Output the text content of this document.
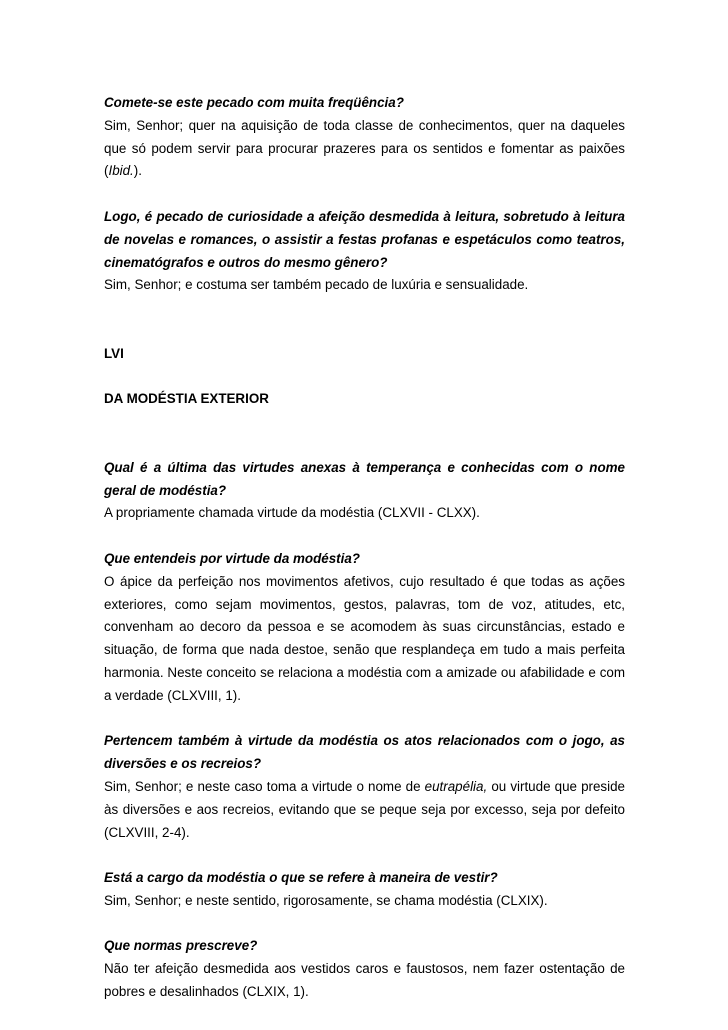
Comete-se este pecado com muita freqüência?

Sim, Senhor; quer na aquisição de toda classe de conhecimentos, quer na daqueles que só podem servir para procurar prazeres para os sentidos e fomentar as paixões (Ibid.).

Logo, é pecado de curiosidade a afeição desmedida à leitura, sobretudo à leitura de novelas e romances, o assistir a festas profanas e espetáculos como teatros, cinematógrafos e outros do mesmo gênero?

Sim, Senhor; e costuma ser também pecado de luxúria e sensualidade.

LVI

DA MODÉSTIA EXTERIOR

Qual é a última das virtudes anexas à temperança e conhecidas com o nome geral de modéstia?

A propriamente chamada virtude da modéstia (CLXVII - CLXX).

Que entendeis por virtude da modéstia?

O ápice da perfeição nos movimentos afetivos, cujo resultado é que todas as ações exteriores, como sejam movimentos, gestos, palavras, tom de voz, atitudes, etc, convenham ao decoro da pessoa e se acomodem às suas circunstâncias, estado e situação, de forma que nada destoe, senão que resplandeça em tudo a mais perfeita harmonia. Neste conceito se relaciona a modéstia com a amizade ou afabilidade e com a verdade (CLXVIII, 1).

Pertencem também à virtude da modéstia os atos relacionados com o jogo, as diversões e os recreios?

Sim, Senhor; e neste caso toma a virtude o nome de eutrapélia, ou virtude que preside às diversões e aos recreios, evitando que se peque seja por excesso, seja por defeito (CLXVIII, 2-4).

Está a cargo da modéstia o que se refere à maneira de vestir?

Sim, Senhor; e neste sentido, rigorosamente, se chama modéstia (CLXIX).

Que normas prescreve?

Não ter afeição desmedida aos vestidos caros e faustosos, nem fazer ostentação de pobres e desalinhados (CLXIX, 1).
